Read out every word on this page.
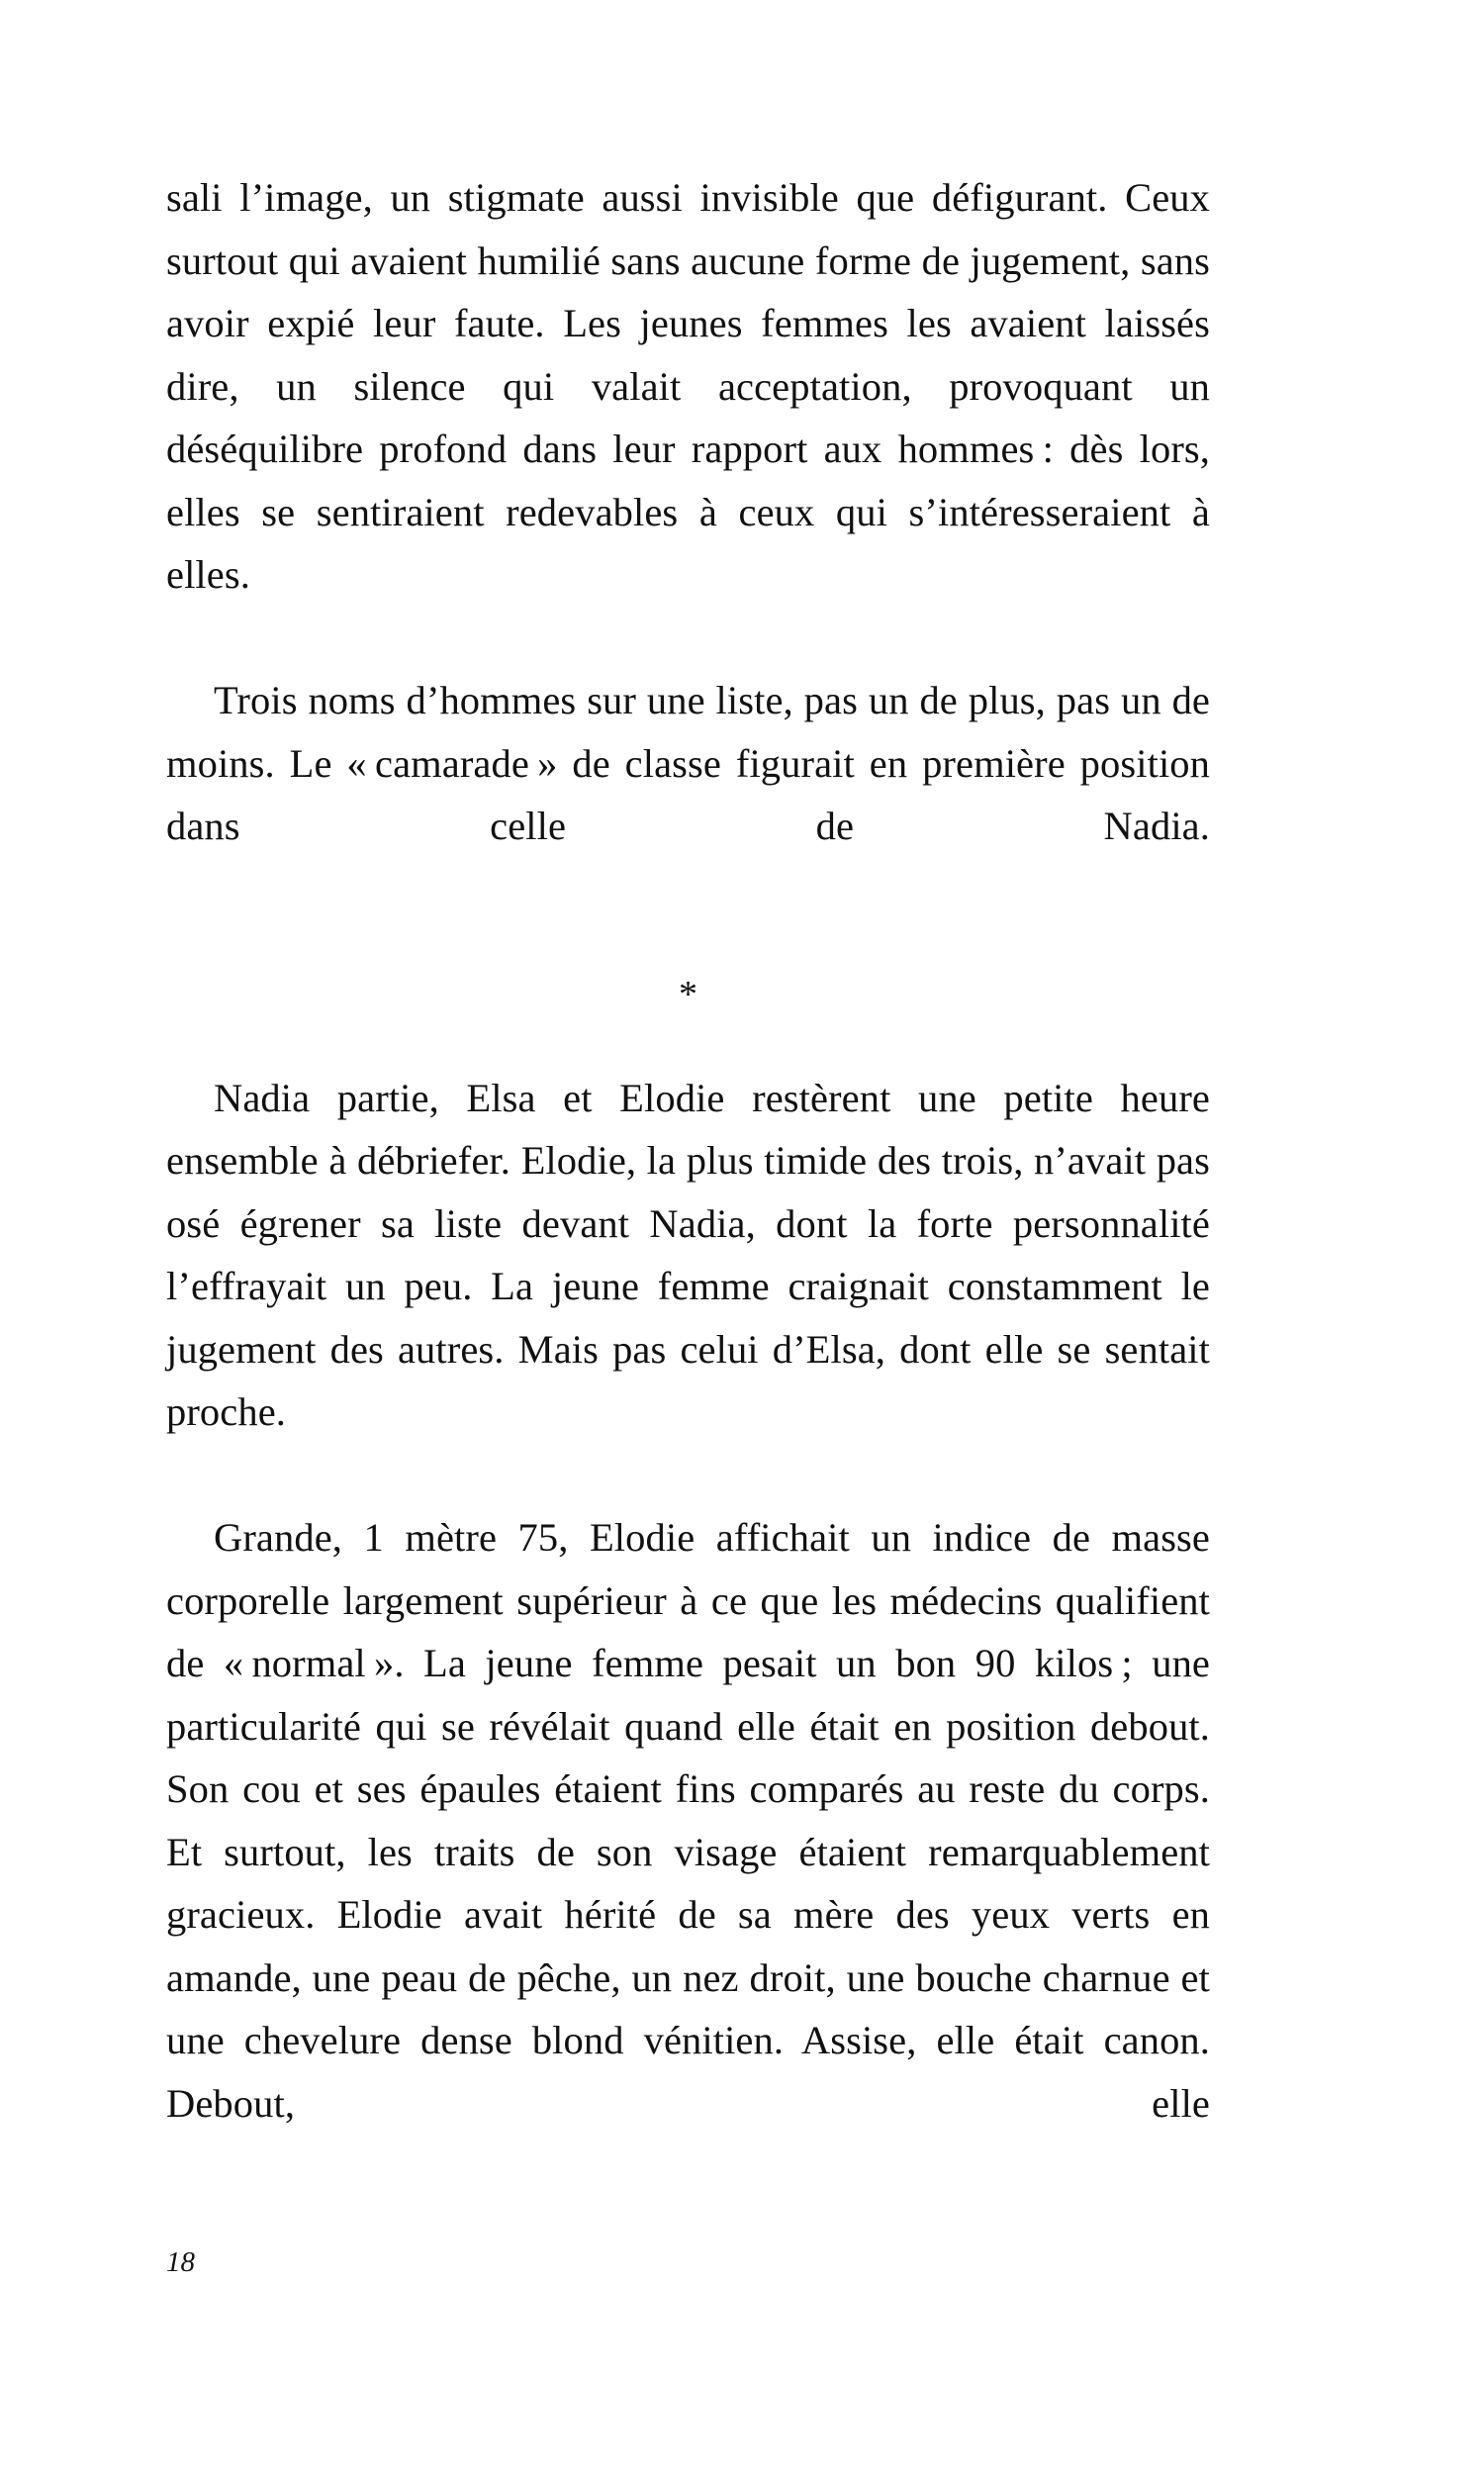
sali l’image, un stigmate aussi invisible que défigurant. Ceux surtout qui avaient humilié sans aucune forme de jugement, sans avoir expié leur faute. Les jeunes femmes les avaient laissés dire, un silence qui valait acceptation, provoquant un déséquilibre profond dans leur rapport aux hommes : dès lors, elles se sentiraient redevables à ceux qui s’intéresseraient à elles.

Trois noms d’hommes sur une liste, pas un de plus, pas un de moins. Le « camarade » de classe figurait en première position dans celle de Nadia.

*

Nadia partie, Elsa et Elodie restèrent une petite heure ensemble à débriefer. Elodie, la plus timide des trois, n’avait pas osé égrener sa liste devant Nadia, dont la forte personnalité l’effrayait un peu. La jeune femme craignait constamment le jugement des autres. Mais pas celui d’Elsa, dont elle se sentait proche.

Grande, 1 mètre 75, Elodie affichait un indice de masse corporelle largement supérieur à ce que les médecins qualifient de « normal ». La jeune femme pesait un bon 90 kilos ; une particularité qui se révélait quand elle était en position debout. Son cou et ses épaules étaient fins comparés au reste du corps. Et surtout, les traits de son visage étaient remarquablement gracieux. Elodie avait hérité de sa mère des yeux verts en amande, une peau de pêche, un nez droit, une bouche charnue et une chevelure dense blond vénitien. Assise, elle était canon. Debout, elle

18
